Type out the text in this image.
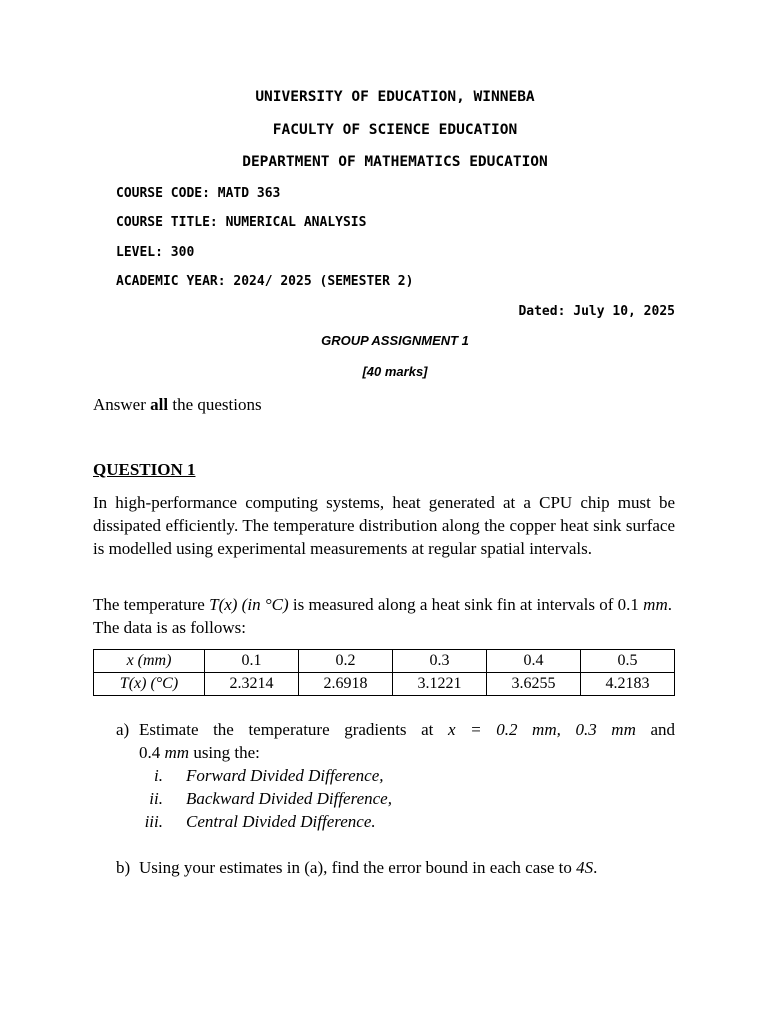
UNIVERSITY OF EDUCATION, WINNEBA
FACULTY OF SCIENCE EDUCATION
DEPARTMENT OF MATHEMATICS EDUCATION
COURSE CODE: MATD 363
COURSE TITLE: NUMERICAL ANALYSIS
LEVEL: 300
ACADEMIC YEAR: 2024/ 2025 (SEMESTER 2)
Dated: July 10, 2025
GROUP ASSIGNMENT 1
[40 marks]
Answer all the questions
QUESTION 1
In high-performance computing systems, heat generated at a CPU chip must be dissipated efficiently. The temperature distribution along the copper heat sink surface is modelled using experimental measurements at regular spatial intervals.
The temperature T(x) (in °C) is measured along a heat sink fin at intervals of 0.1 mm. The data is as follows:
x (mm)	0.1	0.2	0.3	0.4	0.5
T(x) (°C)	2.3214	2.6918	3.1221	3.6255	4.2183
a) Estimate the temperature gradients at x = 0.2 mm, 0.3 mm and
0.4 mm using the:
i. Forward Divided Difference,
ii. Backward Divided Difference,
iii. Central Divided Difference.
b) Using your estimates in (a), find the error bound in each case to 4S.
